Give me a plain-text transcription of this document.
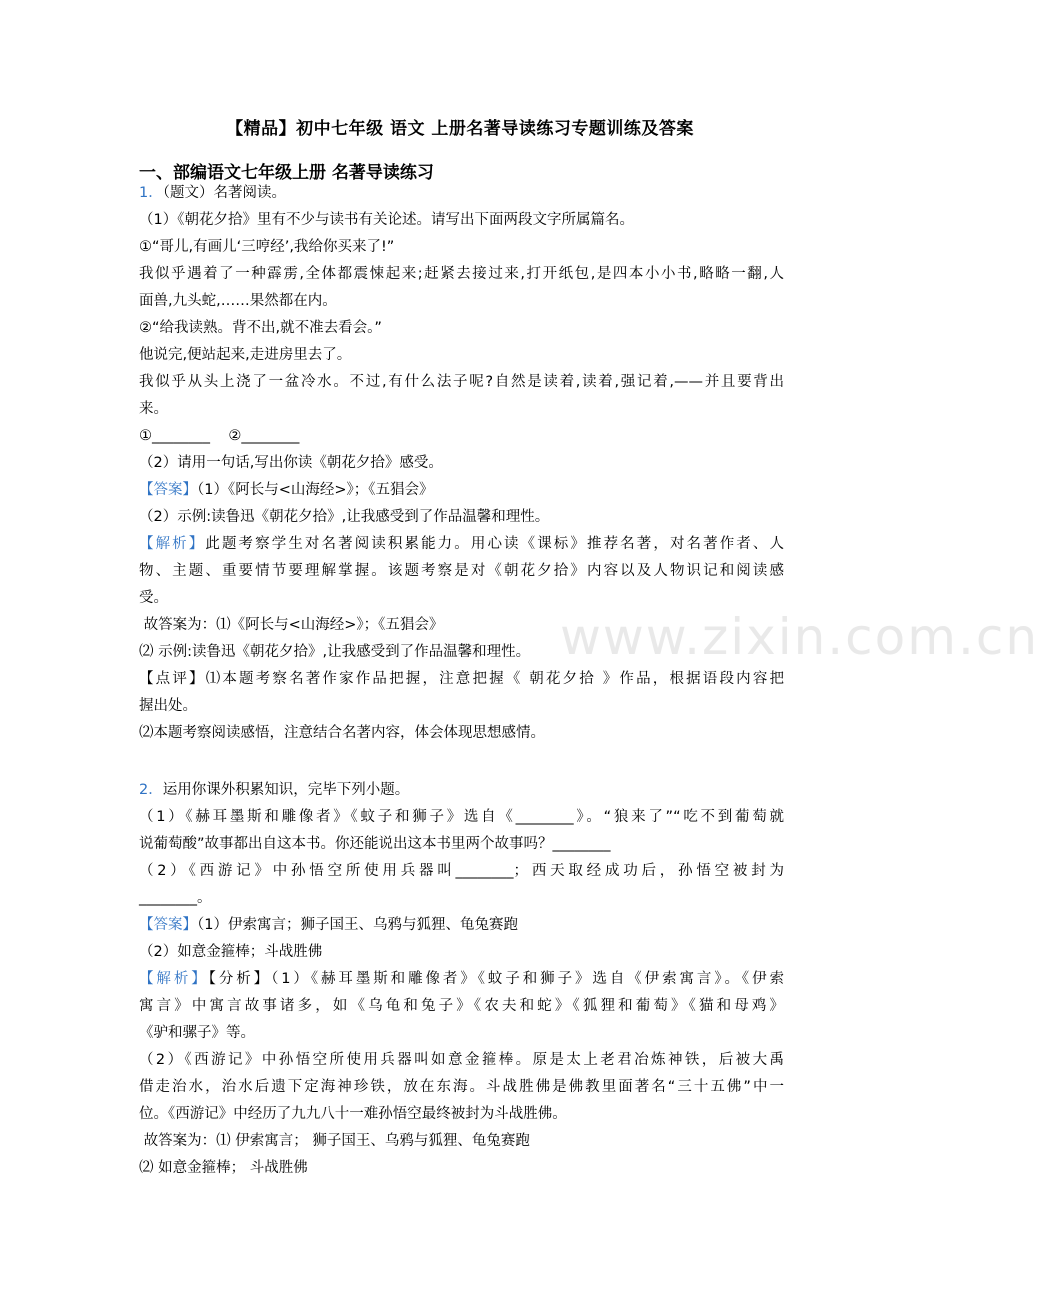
www.zixin.com.cn
【精品】初中七年级 语文 上册名著导读练习专题训练及答案
一、部编语文七年级上册 名著导读练习
1．（题文）名著阅读。
（1）《朝花夕拾》里有不少与读书有关论述。请写出下面两段文字所属篇名。
①“哥儿,有画儿‘三哼经’,我给你买来了!”
我似乎遇着了一种霹雳,全体都震悚起来;赶紧去接过来,打开纸包,是四本小小书,略略一翻,人
面兽,九头蛇,……果然都在内。
②“给我读熟。背不出,就不准去看会。”
他说完,便站起来,走进房里去了。
我似乎从头上浇了一盆冷水。不过,有什么法子呢?自然是读着,读着,强记着,——并且要背出
来。
①________    ②________
（2）请用一句话,写出你读《朝花夕拾》感受。
【答案】（1）《阿长与<山海经>》；《五猖会》
（2）示例:读鲁迅《朝花夕拾》,让我感受到了作品温馨和理性。
【解析】此题考察学生对名著阅读积累能力。用心读《课标》推荐名著，对名著作者、人
物、主题、重要情节要理解掌握。该题考察是对《朝花夕拾》内容以及人物识记和阅读感
受。
故答案为：⑴《阿长与<山海经>》；《五猖会》
⑵ 示例:读鲁迅《朝花夕拾》,让我感受到了作品温馨和理性。
【点评】⑴本题考察名著作家作品把握，注意把握《 朝花夕拾 》作品，根据语段内容把
握出处。
⑵本题考察阅读感悟，注意结合名著内容，体会体现思想感情。
2．运用你课外积累知识，完毕下列小题。
（1）《赫耳墨斯和雕像者》《蚊子和狮子》选自《________》。“狼来了”“吃不到葡萄就
说葡萄酸”故事都出自这本书。你还能说出这本书里两个故事吗？________
（2）《西游记》中孙悟空所使用兵器叫________；西天取经成功后，孙悟空被封为
________。
【答案】（1）伊索寓言；狮子国王、乌鸦与狐狸、龟兔赛跑
（2）如意金箍棒；斗战胜佛
【解析】【分析】（1）《赫耳墨斯和雕像者》《蚊子和狮子》选自《伊索寓言》。《伊索
寓言》中寓言故事诸多，如《乌龟和兔子》《农夫和蛇》《狐狸和葡萄》《猫和母鸡》
《驴和骡子》等。
（2）《西游记》中孙悟空所使用兵器叫如意金箍棒。原是太上老君冶炼神铁，后被大禹
借走治水，治水后遗下定海神珍铁，放在东海。斗战胜佛是佛教里面著名“三十五佛”中一
位。《西游记》中经历了九九八十一难孙悟空最终被封为斗战胜佛。
故答案为：⑴ 伊索寓言； 狮子国王、乌鸦与狐狸、龟兔赛跑
⑵ 如意金箍棒； 斗战胜佛
